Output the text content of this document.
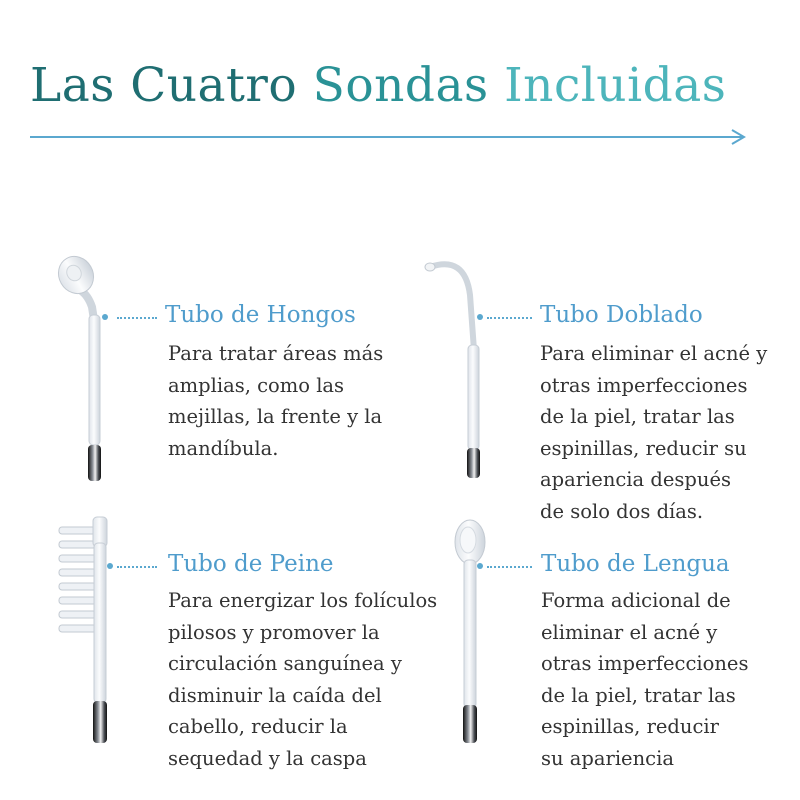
Las Cuatro Sondas Incluidas
Tubo de Hongos

Para tratar áreas más
amplias, como las
mejillas, la frente y la
mandíbula.

Tubo Doblado

Para eliminar el acné y
otras imperfecciones
de la piel, tratar las
espinillas, reducir su
apariencia después
de solo dos días.

Tubo de Peine

Para energizar los folículos
pilosos y promover la
circulación sanguínea y
disminuir la caída del
cabello, reducir la
sequedad y la caspa

Tubo de Lengua

Forma adicional de
eliminar el acné y
otras imperfecciones
de la piel, tratar las
espinillas, reducir
su apariencia
